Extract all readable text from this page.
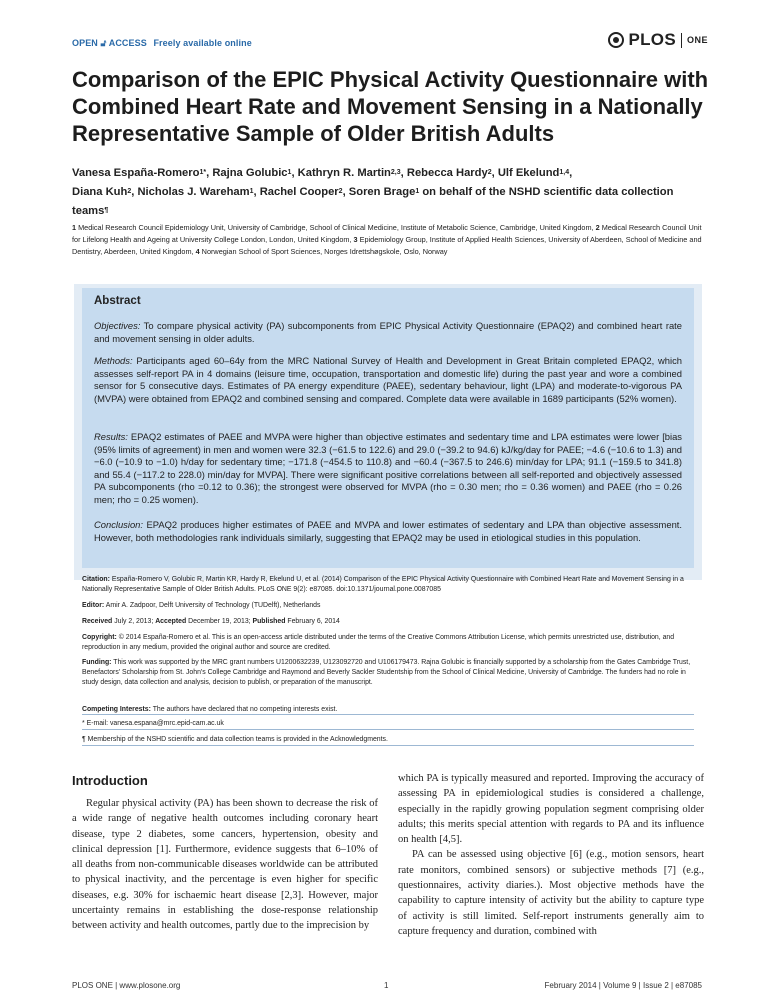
OPEN 🔓︎ ACCESS Freely available online	PLOS ONE
Comparison of the EPIC Physical Activity Questionnaire with Combined Heart Rate and Movement Sensing in a Nationally Representative Sample of Older British Adults
Vanesa España-Romero$^{1*}$, Rajna Golubic$^1$, Kathryn R. Martin$^{2,3}$, Rebecca Hardy$^2$, Ulf Ekelund$^{1,4}$,
Diana Kuh$^2$, Nicholas J. Wareham$^1$, Rachel Cooper$^2$, Soren Brage$^1$ on behalf of the NSHD scientific data collection teams¶
1 Medical Research Council Epidemiology Unit, University of Cambridge, School of Clinical Medicine, Institute of Metabolic Science, Cambridge, United Kingdom, 2 Medical Research Council Unit for Lifelong Health and Ageing at University College London, London, United Kingdom, 3 Epidemiology Group, Institute of Applied Health Sciences, University of Aberdeen, School of Medicine and Dentistry, Aberdeen, United Kingdom, 4 Norwegian School of Sport Sciences, Norges Idrettshøgskole, Oslo, Norway
Abstract
Objectives: To compare physical activity (PA) subcomponents from EPIC Physical Activity Questionnaire (EPAQ2) and combined heart rate and movement sensing in older adults.
Methods: Participants aged 60–64y from the MRC National Survey of Health and Development in Great Britain completed EPAQ2, which assesses self-report PA in 4 domains (leisure time, occupation, transportation and domestic life) during the past year and wore a combined sensor for 5 consecutive days. Estimates of PA energy expenditure (PAEE), sedentary behaviour, light (LPA) and moderate-to-vigorous PA (MVPA) were obtained from EPAQ2 and combined sensing and compared. Complete data were available in 1689 participants (52% women).
Results: EPAQ2 estimates of PAEE and MVPA were higher than objective estimates and sedentary time and LPA estimates were lower [bias (95% limits of agreement) in men and women were 32.3 (−61.5 to 122.6) and 29.0 (−39.2 to 94.6) kJ/kg/day for PAEE; −4.6 (−10.6 to 1.3) and −6.0 (−10.9 to −1.0) h/day for sedentary time; −171.8 (−454.5 to 110.8) and −60.4 (−367.5 to 246.6) min/day for LPA; 91.1 (−159.5 to 341.8) and 55.4 (−117.2 to 228.0) min/day for MVPA]. There were significant positive correlations between all self-reported and objectively assessed PA subcomponents (rho =0.12 to 0.36); the strongest were observed for MVPA (rho = 0.30 men; rho = 0.36 women) and PAEE (rho = 0.26 men; rho = 0.25 women).
Conclusion: EPAQ2 produces higher estimates of PAEE and MVPA and lower estimates of sedentary and LPA than objective assessment. However, both methodologies rank individuals similarly, suggesting that EPAQ2 may be used in etiological studies in this population.
Citation: España-Romero V, Golubic R, Martin KR, Hardy R, Ekelund U, et al. (2014) Comparison of the EPIC Physical Activity Questionnaire with Combined Heart Rate and Movement Sensing in a Nationally Representative Sample of Older British Adults. PLoS ONE 9(2): e87085. doi:10.1371/journal.pone.0087085
Editor: Amir A. Zadpoor, Delft University of Technology (TUDelft), Netherlands
Received July 2, 2013; Accepted December 19, 2013; Published February 6, 2014
Copyright: © 2014 España-Romero et al. This is an open-access article distributed under the terms of the Creative Commons Attribution License, which permits unrestricted use, distribution, and reproduction in any medium, provided the original author and source are credited.
Funding: This work was supported by the MRC grant numbers U1200632239, U123092720 and U106179473. Rajna Golubic is financially supported by a scholarship from the Gates Cambridge Trust, Benefactors' Scholarship from St. John's College Cambridge and Raymond and Beverly Sackler Studentship from the School of Clinical Medicine, University of Cambridge. The funders had no role in study design, data collection and analysis, decision to publish, or preparation of the manuscript.
Competing Interests: The authors have declared that no competing interests exist.
* E-mail: vanesa.espana@mrc.epid-cam.ac.uk
¶ Membership of the NSHD scientific and data collection teams is provided in the Acknowledgments.
Introduction

Regular physical activity (PA) has been shown to decrease the risk of a wide range of negative health outcomes including coronary heart disease, type 2 diabetes, some cancers, hypertension, obesity and clinical depression [1]. Furthermore, evidence suggests that 6–10% of all deaths from non-communicable diseases worldwide can be attributed to physical inactivity, and the percentage is even higher for specific diseases, e.g. 30% for ischaemic heart disease [2,3]. However, major uncertainty remains in establishing the dose-response relationship between activity and health outcomes, partly due to the imprecision by

which PA is typically measured and reported. Improving the accuracy of assessing PA in epidemiological studies is considered a challenge, especially in the rapidly growing population segment comprising older adults; this merits special attention with regards to PA and its influence on health [4,5].

PA can be assessed using objective [6] (e.g., motion sensors, heart rate monitors, combined sensors) or subjective methods [7] (e.g., questionnaires, activity diaries.). Most objective methods have the capability to capture intensity of activity but the ability to capture type of activity is still limited. Self-report instruments generally aim to capture frequency and duration, combined with

PLOS ONE | www.plosone.org	1	February 2014 | Volume 9 | Issue 2 | e87085
